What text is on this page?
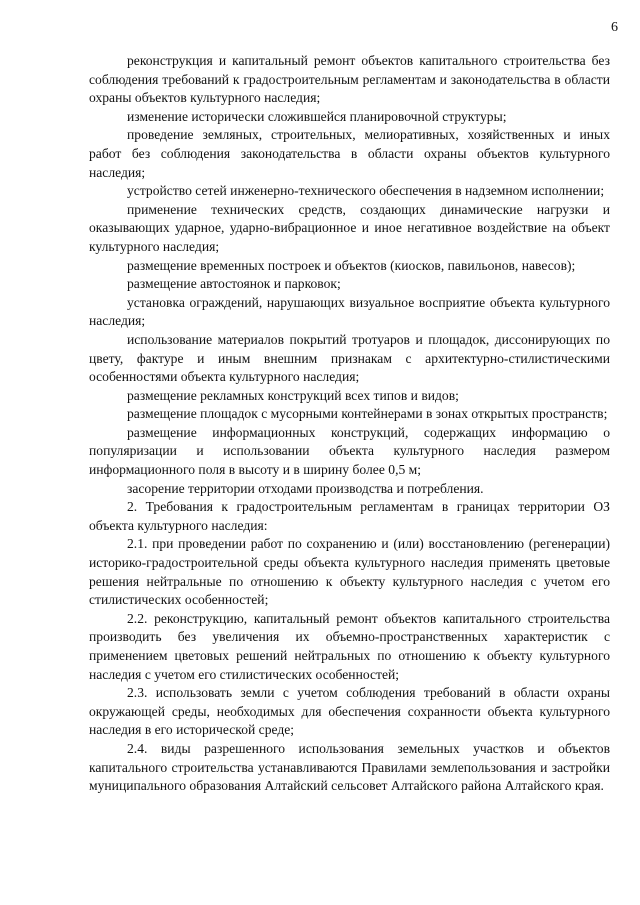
6

реконструкция и капитальный ремонт объектов капитального строительства без соблюдения требований к градостроительным регламентам и законодательства в области охраны объектов культурного наследия;

изменение исторически сложившейся планировочной структуры;

проведение земляных, строительных, мелиоративных, хозяйственных и иных работ без соблюдения законодательства в области охраны объектов культурного наследия;

устройство сетей инженерно-технического обеспечения в надземном исполнении;

применение технических средств, создающих динамические нагрузки и оказывающих ударное, ударно-вибрационное и иное негативное воздействие на объект культурного наследия;

размещение временных построек и объектов (киосков, павильонов, навесов);

размещение автостоянок и парковок;

установка ограждений, нарушающих визуальное восприятие объекта культурного наследия;

использование материалов покрытий тротуаров и площадок, диссонирующих по цвету, фактуре и иным внешним признакам с архитектурно-стилистическими особенностями объекта культурного наследия;

размещение рекламных конструкций всех типов и видов;

размещение площадок с мусорными контейнерами в зонах открытых пространств;

размещение информационных конструкций, содержащих информацию о популяризации и использовании объекта культурного наследия размером информационного поля в высоту и в ширину более 0,5 м;

засорение территории отходами производства и потребления.

2. Требования к градостроительным регламентам в границах территории ОЗ объекта культурного наследия:

2.1. при проведении работ по сохранению и (или) восстановлению (регенерации) историко-градостроительной среды объекта культурного наследия применять цветовые решения нейтральные по отношению к объекту культурного наследия с учетом его стилистических особенностей;

2.2. реконструкцию, капитальный ремонт объектов капитального строительства производить без увеличения их объемно-пространственных характеристик с применением цветовых решений нейтральных по отношению к объекту культурного наследия с учетом его стилистических особенностей;

2.3. использовать земли с учетом соблюдения требований в области охраны окружающей среды, необходимых для обеспечения сохранности объекта культурного наследия в его исторической среде;

2.4. виды разрешенного использования земельных участков и объектов капитального строительства устанавливаются Правилами землепользования и застройки муниципального образования Алтайский сельсовет Алтайского района Алтайского края.
